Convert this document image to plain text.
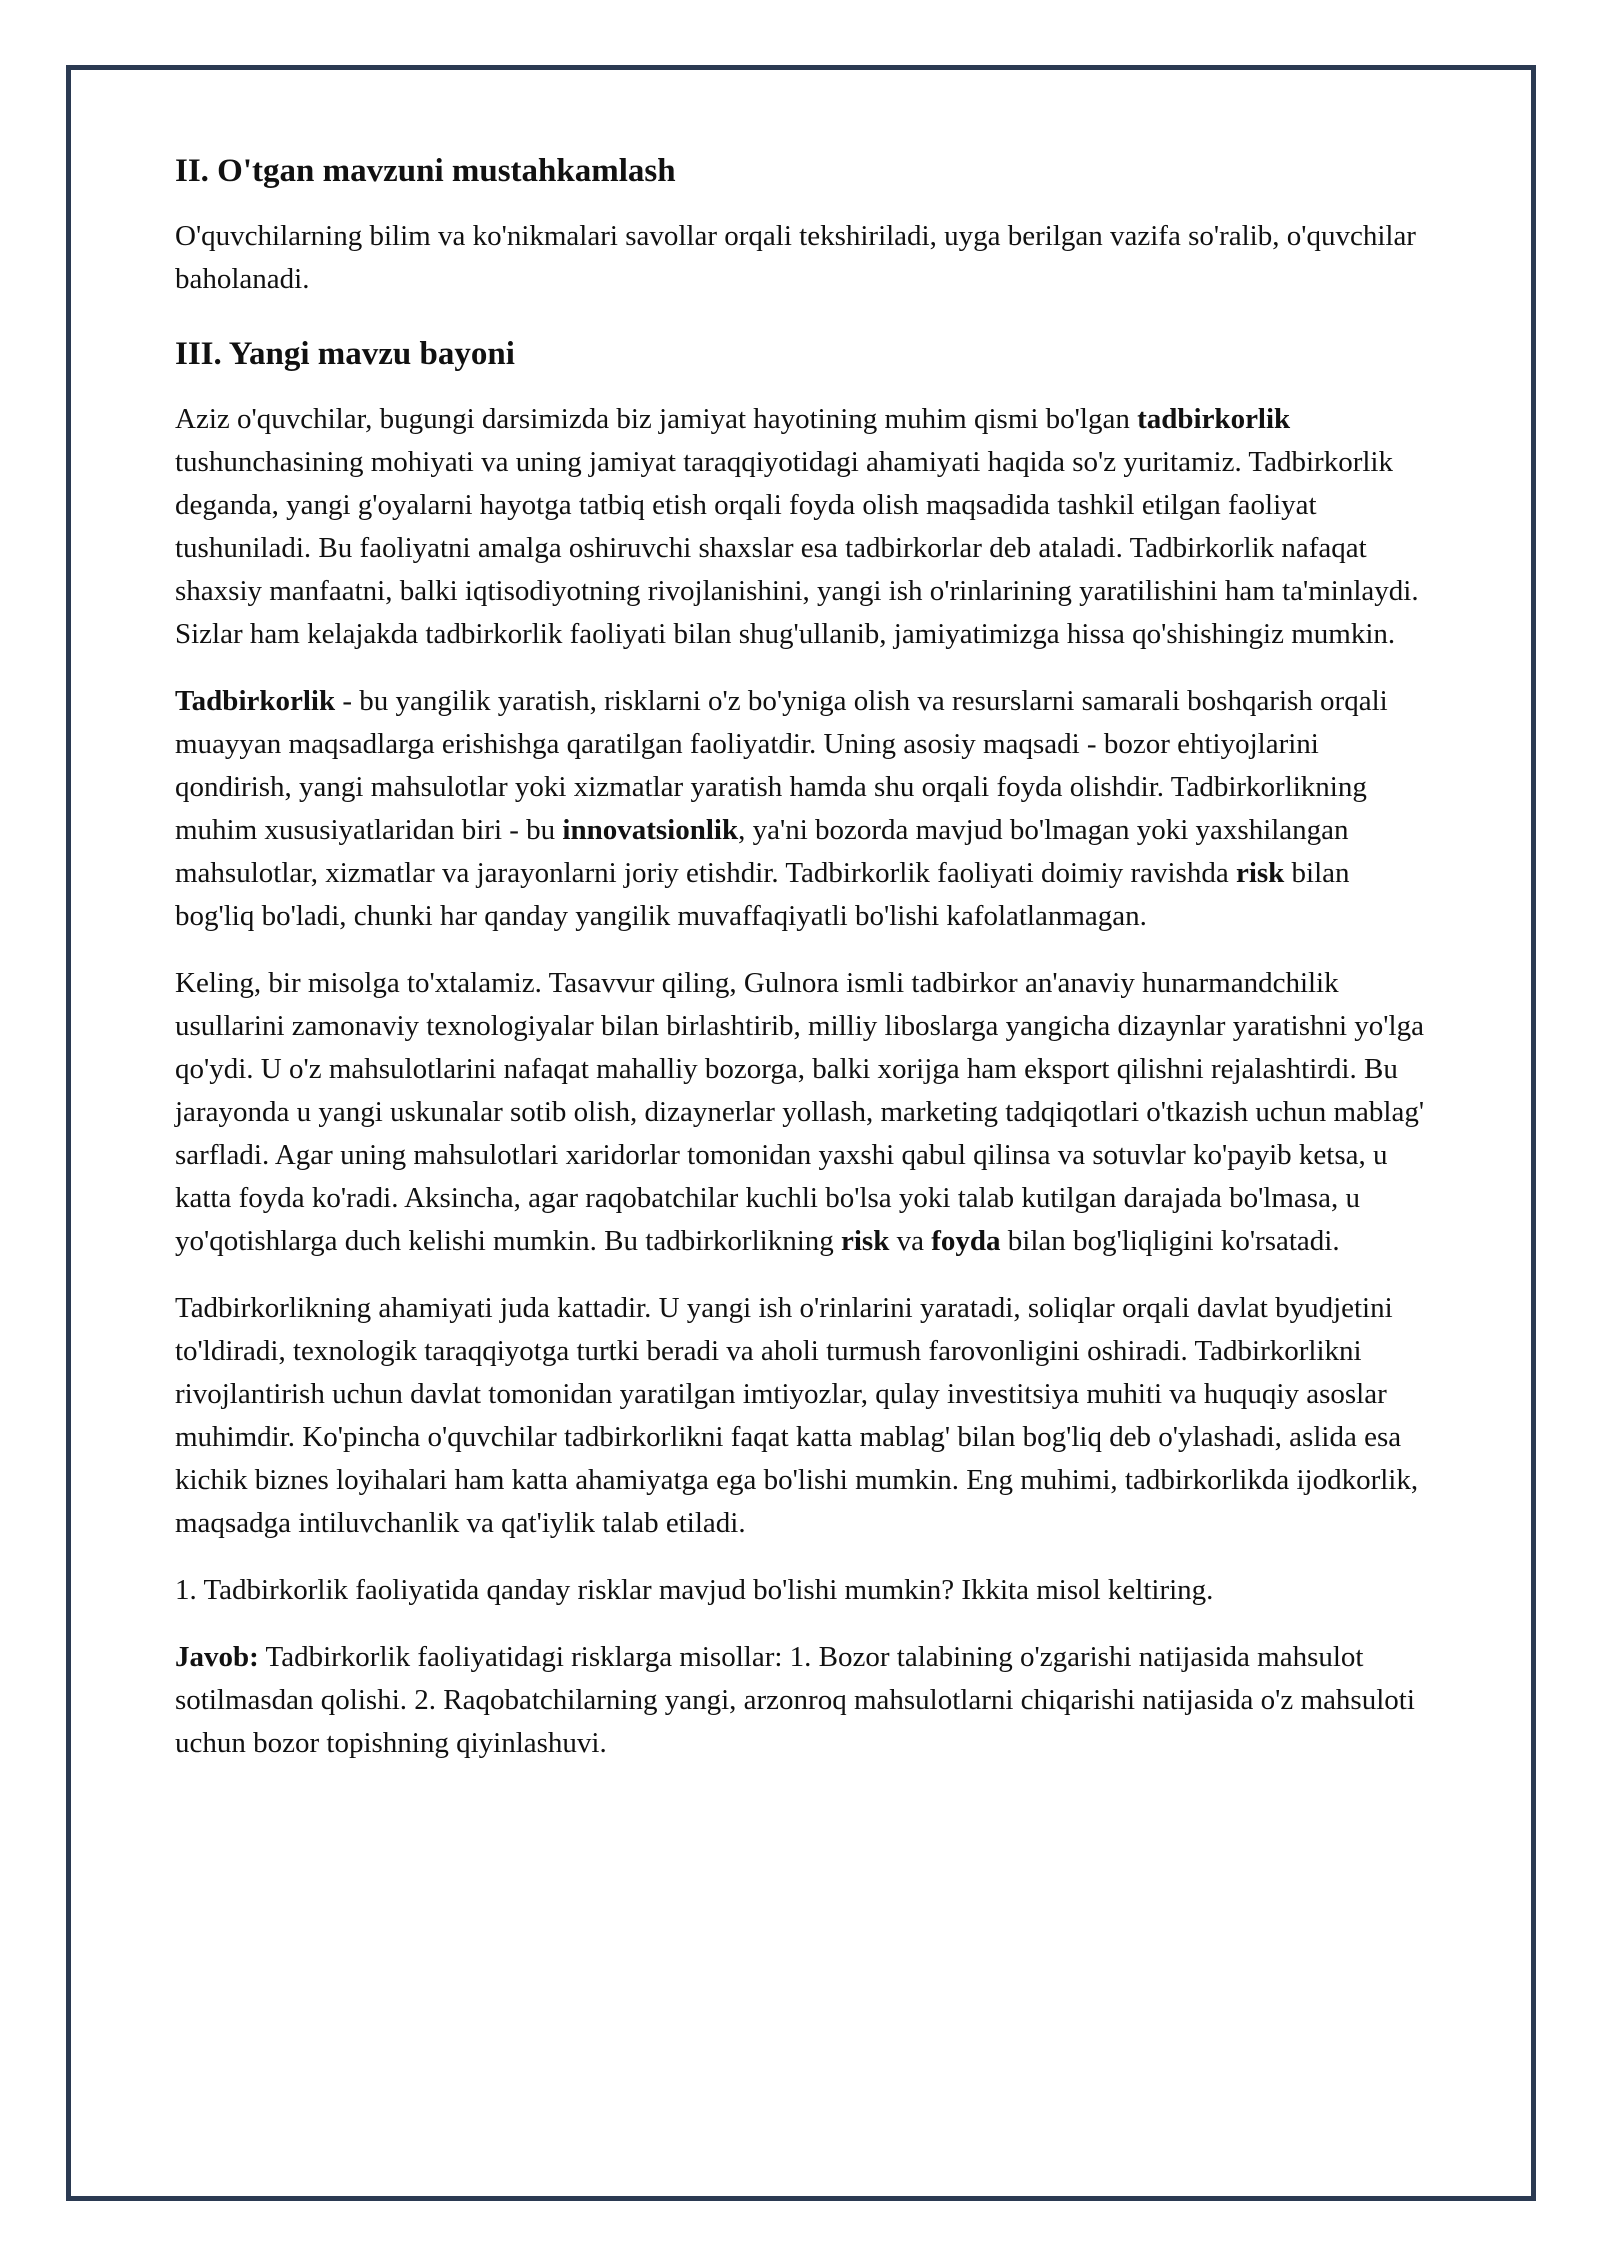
II. O'tgan mavzuni mustahkamlash

O'quvchilarning bilim va ko'nikmalari savollar orqali tekshiriladi, uyga berilgan vazifa so'ralib, o'quvchilar baholanadi.

III. Yangi mavzu bayoni

Aziz o'quvchilar, bugungi darsimizda biz jamiyat hayotining muhim qismi bo'lgan tadbirkorlik tushunchasining mohiyati va uning jamiyat taraqqiyotidagi ahamiyati haqida so'z yuritamiz. Tadbirkorlik deganda, yangi g'oyalarni hayotga tatbiq etish orqali foyda olish maqsadida tashkil etilgan faoliyat tushuniladi. Bu faoliyatni amalga oshiruvchi shaxslar esa tadbirkorlar deb ataladi. Tadbirkorlik nafaqat shaxsiy manfaatni, balki iqtisodiyotning rivojlanishini, yangi ish o'rinlarining yaratilishini ham ta'minlaydi. Sizlar ham kelajakda tadbirkorlik faoliyati bilan shug'ullanib, jamiyatimizga hissa qo'shishingiz mumkin.

Tadbirkorlik - bu yangilik yaratish, risklarni o'z bo'yniga olish va resurslarni samarali boshqarish orqali muayyan maqsadlarga erishishga qaratilgan faoliyatdir. Uning asosiy maqsadi - bozor ehtiyojlarini qondirish, yangi mahsulotlar yoki xizmatlar yaratish hamda shu orqali foyda olishdir. Tadbirkorlikning muhim xususiyatlaridan biri - bu innovatsionlik, ya'ni bozorda mavjud bo'lmagan yoki yaxshilangan mahsulotlar, xizmatlar va jarayonlarni joriy etishdir. Tadbirkorlik faoliyati doimiy ravishda risk bilan bog'liq bo'ladi, chunki har qanday yangilik muvaffaqiyatli bo'lishi kafolatlanmagan.

Keling, bir misolga to'xtalamiz. Tasavvur qiling, Gulnora ismli tadbirkor an'anaviy hunarmandchilik usullarini zamonaviy texnologiyalar bilan birlashtirib, milliy liboslarga yangicha dizaynlar yaratishni yo'lga qo'ydi. U o'z mahsulotlarini nafaqat mahalliy bozorga, balki xorijga ham eksport qilishni rejalashtirdi. Bu jarayonda u yangi uskunalar sotib olish, dizaynerlar yollash, marketing tadqiqotlari o'tkazish uchun mablag' sarfladi. Agar uning mahsulotlari xaridorlar tomonidan yaxshi qabul qilinsa va sotuvlar ko'payib ketsa, u katta foyda ko'radi. Aksincha, agar raqobatchilar kuchli bo'lsa yoki talab kutilgan darajada bo'lmasa, u yo'qotishlarga duch kelishi mumkin. Bu tadbirkorlikning risk va foyda bilan bog'liqligini ko'rsatadi.

Tadbirkorlikning ahamiyati juda kattadir. U yangi ish o'rinlarini yaratadi, soliqlar orqali davlat byudjetini to'ldiradi, texnologik taraqqiyotga turtki beradi va aholi turmush farovonligini oshiradi. Tadbirkorlikni rivojlantirish uchun davlat tomonidan yaratilgan imtiyozlar, qulay investitsiya muhiti va huquqiy asoslar muhimdir. Ko'pincha o'quvchilar tadbirkorlikni faqat katta mablag' bilan bog'liq deb o'ylashadi, aslida esa kichik biznes loyihalari ham katta ahamiyatga ega bo'lishi mumkin. Eng muhimi, tadbirkorlikda ijodkorlik, maqsadga intiluvchanlik va qat'iylik talab etiladi.

1. Tadbirkorlik faoliyatida qanday risklar mavjud bo'lishi mumkin? Ikkita misol keltiring.

Javob: Tadbirkorlik faoliyatidagi risklarga misollar: 1. Bozor talabining o'zgarishi natijasida mahsulot sotilmasdan qolishi. 2. Raqobatchilarning yangi, arzonroq mahsulotlarni chiqarishi natijasida o'z mahsuloti uchun bozor topishning qiyinlashuvi.
